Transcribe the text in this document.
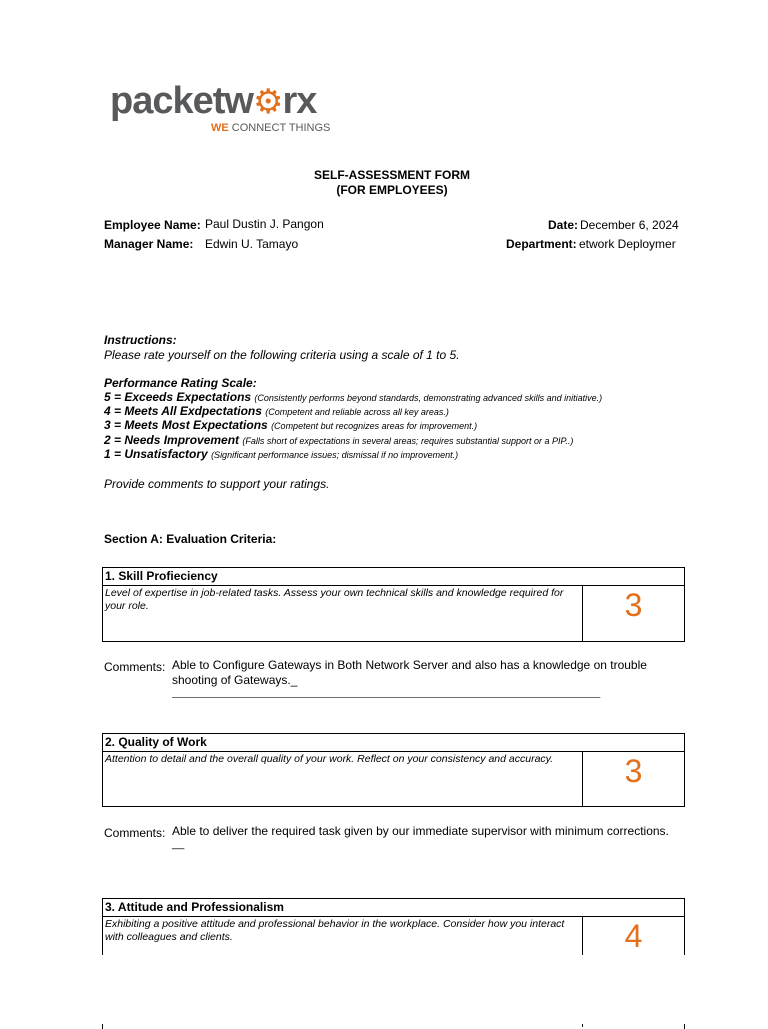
packetw⚙rx
WE CONNECT THINGS
SELF-ASSESSMENT FORM
(FOR EMPLOYEES)
Employee Name: Paul Dustin J. Pangon
Manager Name: Edwin U. Tamayo
Date: December 6, 2024
Department: etwork Deploymer
Instructions:
Please rate yourself on the following criteria using a scale of 1 to 5.
Performance Rating Scale:
5 = Exceeds Expectations (Consistently performs beyond standards, demonstrating advanced skills and initiative.)
4 = Meets All Exdpectations (Competent and reliable across all key areas.)
3 = Meets Most Expectations (Competent but recognizes areas for improvement.)
2 = Needs Improvement (Falls short of expectations in several areas; requires substantial support or a PIP..)
1 = Unsatisfactory (Significant performance issues; dismissal if no improvement.)
Provide comments to support your ratings.
Section A: Evaluation Criteria:
1. Skill Profieciency
Level of expertise in job-related tasks. Assess your own technical skills and knowledge required for your role.	3
Comments: Able to Configure Gateways in Both Network Server and also has a knowledge on trouble shooting of Gateways._
______________________________________________________________________
2. Quality of Work
Attention to detail and the overall quality of your work. Reflect on your consistency and accuracy.	3
Comments: Able to deliver the required task given by our immediate supervisor with minimum corrections.
__
3. Attitude and Professionalism
Exhibiting a positive attitude and professional behavior in the workplace. Consider how you interact with colleagues and clients.	4
